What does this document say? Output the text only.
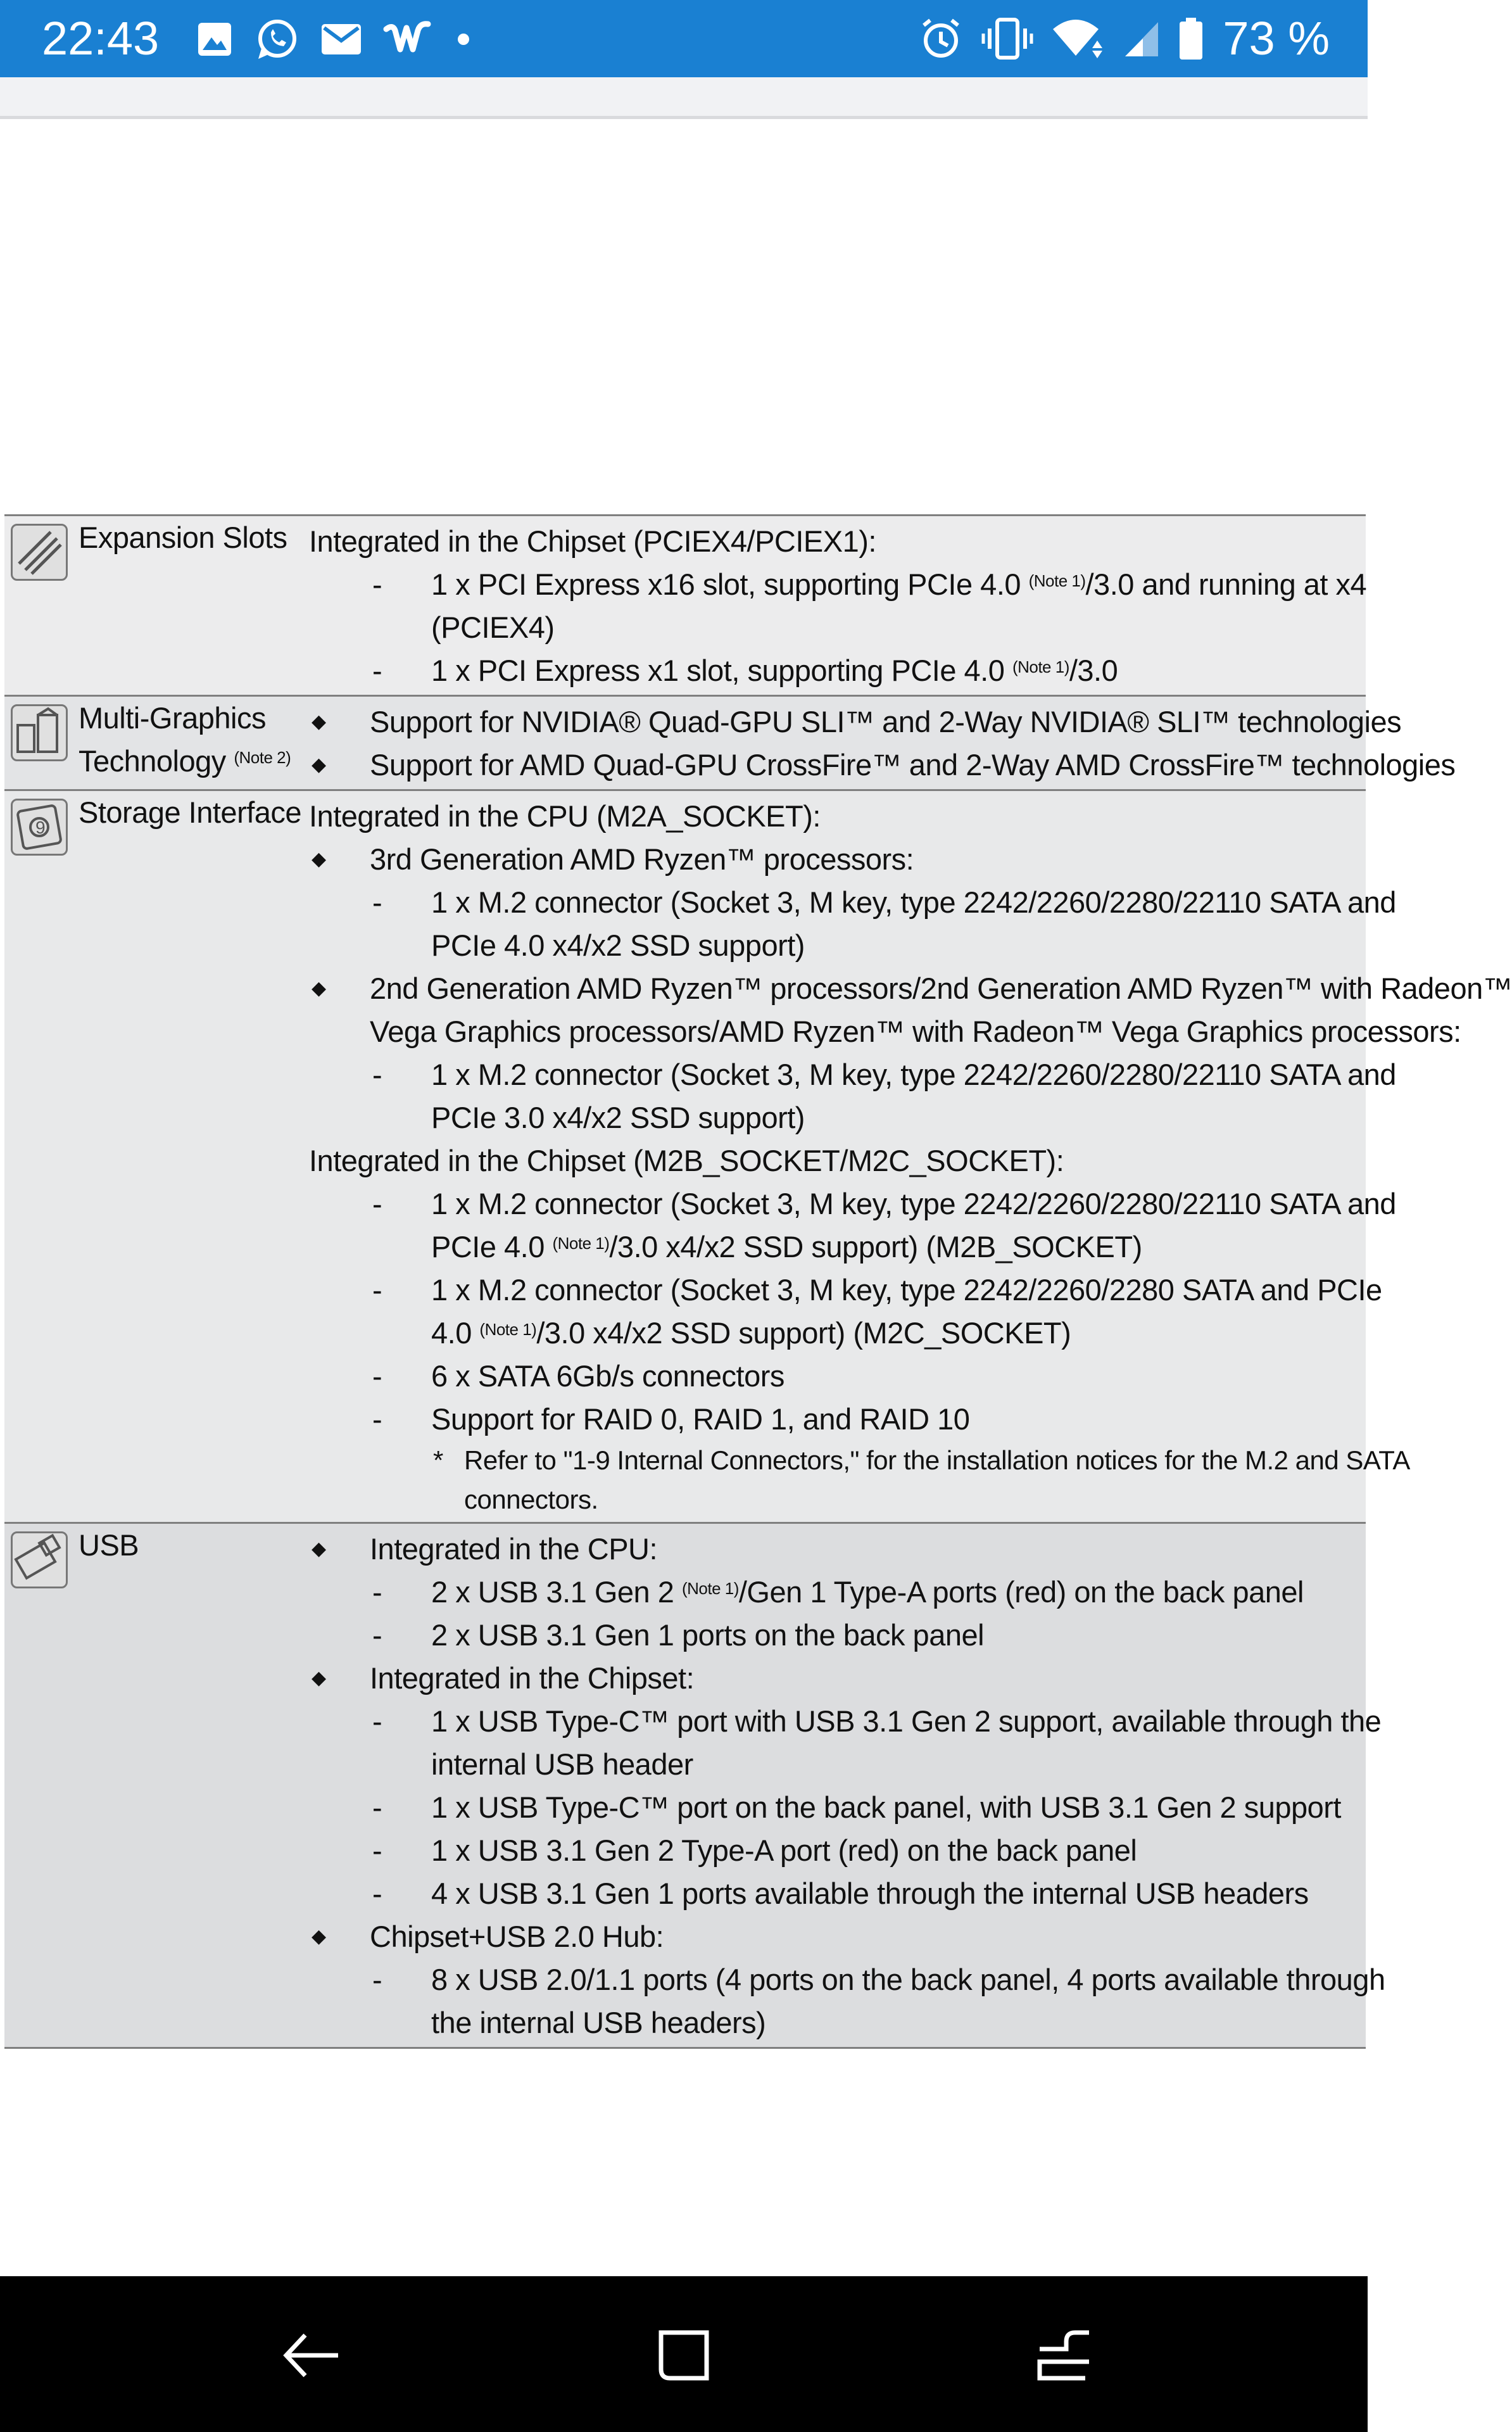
22:43	73 %
Expansion Slots Integrated in the Chipset (PCIEX4/PCIEX1):
- 1 x PCI Express x16 slot, supporting PCIe 4.0 $^{(Note 1)}$/3.0 and running at x4
(PCIEX4)
- 1 x PCI Express x1 slot, supporting PCIe 4.0 $^{(Note 1)}$/3.0
Multi-Graphics
Technology $^{(Note 2)}$
◆ Support for NVIDIA® Quad-GPU SLI™ and 2-Way NVIDIA® SLI™ technologies
◆ Support for AMD Quad-GPU CrossFire™ and 2-Way AMD CrossFire™ technologies
9 Storage Interface Integrated in the CPU (M2A_SOCKET):
◆ 3rd Generation AMD Ryzen™ processors:
- 1 x M.2 connector (Socket 3, M key, type 2242/2260/2280/22110 SATA and
PCIe 4.0 x4/x2 SSD support)
◆ 2nd Generation AMD Ryzen™ processors/2nd Generation AMD Ryzen™ with Radeon™
Vega Graphics processors/AMD Ryzen™ with Radeon™ Vega Graphics processors:
- 1 x M.2 connector (Socket 3, M key, type 2242/2260/2280/22110 SATA and
PCIe 3.0 x4/x2 SSD support)
Integrated in the Chipset (M2B_SOCKET/M2C_SOCKET):
- 1 x M.2 connector (Socket 3, M key, type 2242/2260/2280/22110 SATA and
PCIe 4.0 $^{(Note 1)}$/3.0 x4/x2 SSD support) (M2B_SOCKET)
- 1 x M.2 connector (Socket 3, M key, type 2242/2260/2280 SATA and PCIe
4.0 $^{(Note 1)}$/3.0 x4/x2 SSD support) (M2C_SOCKET)
- 6 x SATA 6Gb/s connectors
- Support for RAID 0, RAID 1, and RAID 10
* Refer to "1-9 Internal Connectors," for the installation notices for the M.2 and SATA
connectors.
USB	◆ Integrated in the CPU:
- 2 x USB 3.1 Gen 2 $^{(Note 1)}$/Gen 1 Type-A ports (red) on the back panel
- 2 x USB 3.1 Gen 1 ports on the back panel
◆ Integrated in the Chipset:
- 1 x USB Type-C™ port with USB 3.1 Gen 2 support, available through the
internal USB header
- 1 x USB Type-C™ port on the back panel, with USB 3.1 Gen 2 support
- 1 x USB 3.1 Gen 2 Type-A port (red) on the back panel
- 4 x USB 3.1 Gen 1 ports available through the internal USB headers
◆ Chipset+USB 2.0 Hub:
- 8 x USB 2.0/1.1 ports (4 ports on the back panel, 4 ports available through
the internal USB headers)
